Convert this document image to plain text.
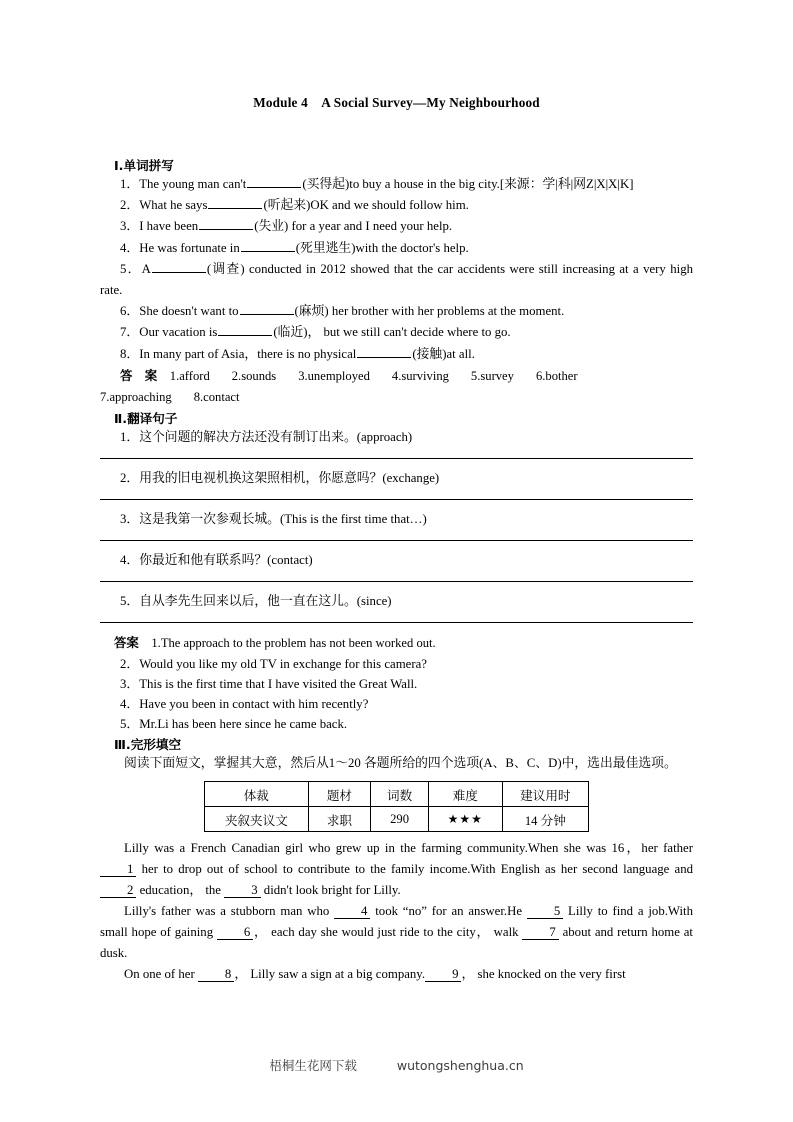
Module 4 A Social Survey—My Neighbourhood
Ⅰ.单词拼写

1．The young man can't	(买得起)to buy a house in the big city.[来源：学|科|网Z|X|X|K]

2．What he says	(听起来)OK and we should follow him.

3．I have been	(失业) for a year and I need your help.

4．He was fortunate in	(死里逃生)with the doctor's help.

5．A	(调查) conducted in 2012 showed that the car accidents were still increasing at a very high rate.

6．She doesn't want to	(麻烦) her brother with her problems at the moment.

7．Our vacation is	(临近)， but we still can't decide where to go.

8．In many part of Asia，there is no physical	(接触)at all.

答　案 1.afford 2.sounds 3.unemployed 4.surviving 5.survey 6.bother
7.approaching 8.contact

Ⅱ.翻译句子

1．这个问题的解决方法还没有制订出来。(approach)

2．用我的旧电视机换这架照相机，你愿意吗？(exchange)

3．这是我第一次参观长城。(This is the first time that…)

4．你最近和他有联系吗？(contact)

5．自从李先生回来以后，他一直在这儿。(since)

答案 1.The approach to the problem has not been worked out.

2．Would you like my old TV in exchange for this camera?

3．This is the first time that I have visited the Great Wall.

4．Have you been in contact with him recently?

5．Mr.Li has been here since he came back.

Ⅲ.完形填空

阅读下面短文，掌握其大意，然后从1～20 各题所给的四个选项(A、B、C、D)中，选出最佳选项。

体裁	题材	词数	难度	建议用时
夹叙夹议文	求职	290	★★★	14 分钟

Lilly was a French Canadian girl who grew up in the farming community.When she was 16，her father 1 her to drop out of school to contribute to the family income.With English as her second language and 2 education， the 3 didn't look bright for Lilly.

Lilly's father was a stubborn man who 4 took “no” for an answer.He 5 Lilly to find a job.With small hope of gaining 6 ， each day she would just ride to the city， walk 7 about and return home at dusk.

On one of her 8 ， Lilly saw a sign at a big company. 9 ， she knocked on the very first

梧桐生花网下载	wutongshenghua.cn
